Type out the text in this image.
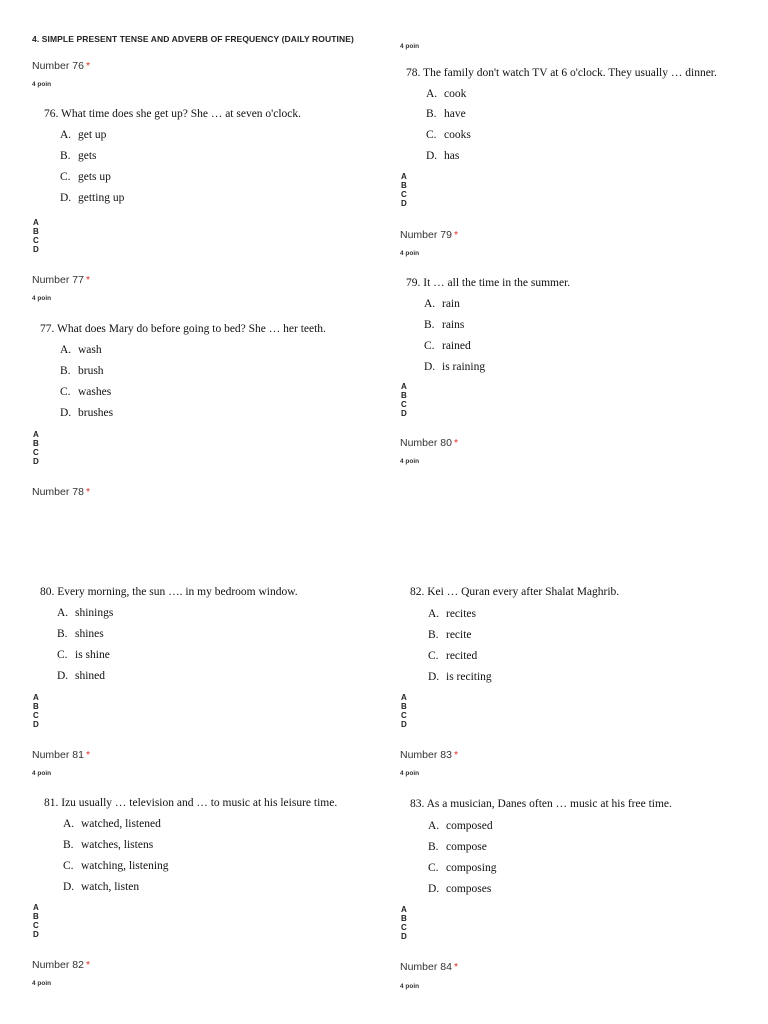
4. SIMPLE PRESENT TENSE AND ADVERB OF FREQUENCY (DAILY ROUTINE)
Number 76 *
4 poin
76. What time does she get up? She … at seven o'clock.
A. get up
B. gets
C. gets up
D. getting up
A
B
C
D
Number 77 *
4 poin
77. What does Mary do before going to bed? She … her teeth.
A. wash
B. brush
C. washes
D. brushes
A
B
C
D
Number 78 *
80. Every morning, the sun …. in my bedroom window.
A. shinings
B. shines
C. is shine
D. shined
A
B
C
D
Number 81 *
4 poin
81. Izu usually … television and … to music at his leisure time.
A. watched, listened
B. watches, listens
C. watching, listening
D. watch, listen
A
B
C
D
Number 82 *
4 poin
4 poin
78. The family don't watch TV at 6 o'clock. They usually … dinner.
A. cook
B. have
C. cooks
D. has
A
B
C
D
Number 79 *
4 poin
79. It … all the time in the summer.
A. rain
B. rains
C. rained
D. is raining
A
B
C
D
Number 80 *
4 poin
82. Kei … Quran every after Shalat Maghrib.
A. recites
B. recite
C. recited
D. is reciting
A
B
C
D
Number 83 *
4 poin
83. As a musician, Danes often … music at his free time.
A. composed
B. compose
C. composing
D. composes
A
B
C
D
Number 84 *
4 poin
